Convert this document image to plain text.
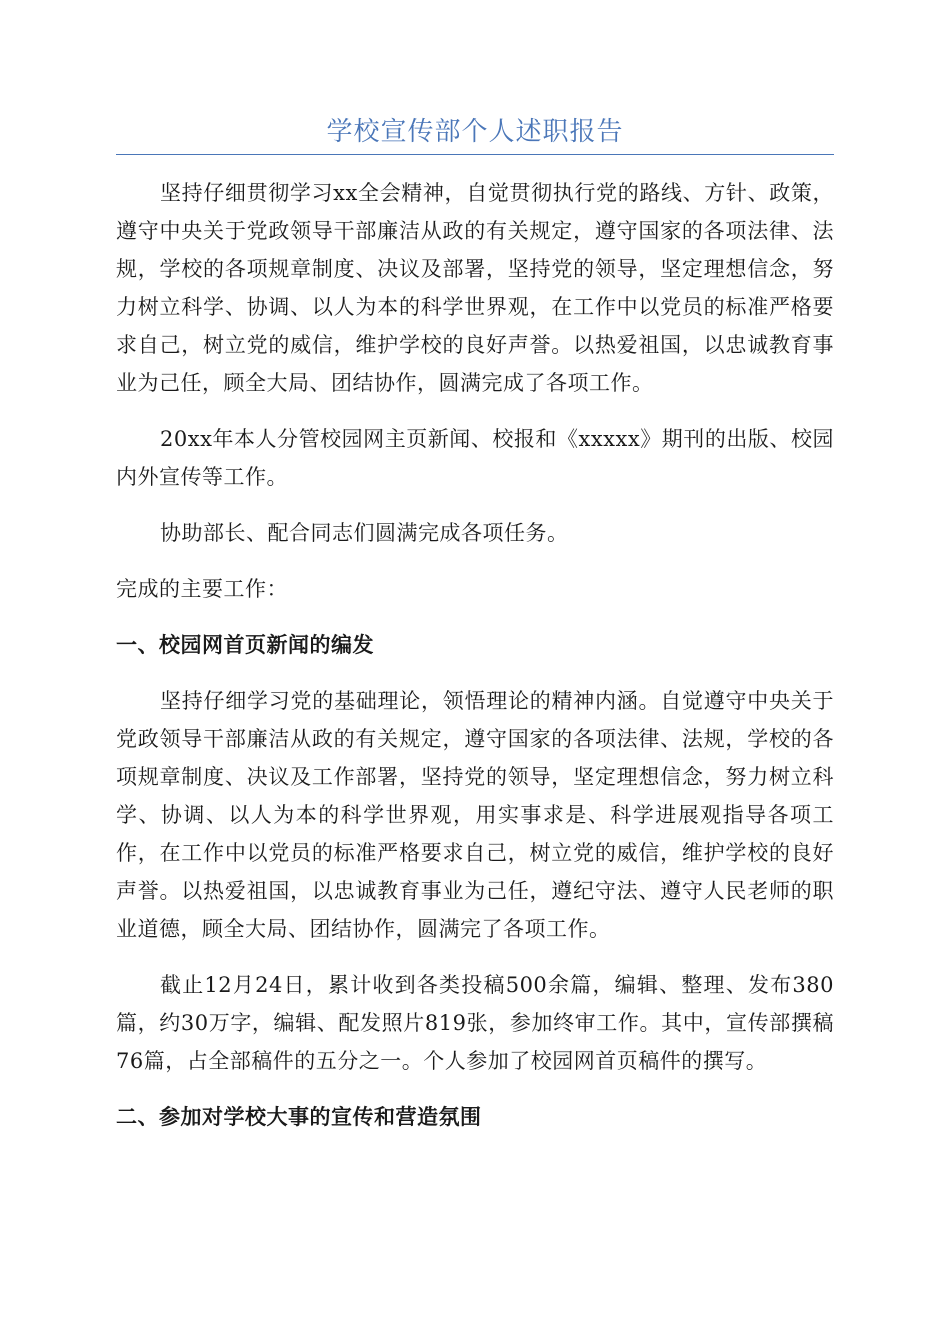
学校宣传部个人述职报告

坚持仔细贯彻学习xx全会精神，自觉贯彻执行党的路线、方针、政策，遵守中央关于党政领导干部廉洁从政的有关规定，遵守国家的各项法律、法规，学校的各项规章制度、决议及部署，坚持党的领导，坚定理想信念，努力树立科学、协调、以人为本的科学世界观，在工作中以党员的标准严格要求自己，树立党的威信，维护学校的良好声誉。以热爱祖国，以忠诚教育事业为己任，顾全大局、团结协作，圆满完成了各项工作。

20xx年本人分管校园网主页新闻、校报和《xxxxx》期刊的出版、校园内外宣传等工作。

协助部长、配合同志们圆满完成各项任务。

完成的主要工作：

一、校园网首页新闻的编发

坚持仔细学习党的基础理论，领悟理论的精神内涵。自觉遵守中央关于党政领导干部廉洁从政的有关规定，遵守国家的各项法律、法规，学校的各项规章制度、决议及工作部署，坚持党的领导，坚定理想信念，努力树立科学、协调、以人为本的科学世界观，用实事求是、科学进展观指导各项工作，在工作中以党员的标准严格要求自己，树立党的威信，维护学校的良好声誉。以热爱祖国，以忠诚教育事业为己任，遵纪守法、遵守人民老师的职业道德，顾全大局、团结协作，圆满完了各项工作。

截止12月24日，累计收到各类投稿500余篇，编辑、整理、发布380篇，约30万字，编辑、配发照片819张，参加终审工作。其中，宣传部撰稿76篇，占全部稿件的五分之一。个人参加了校园网首页稿件的撰写。

二、参加对学校大事的宣传和营造氛围
